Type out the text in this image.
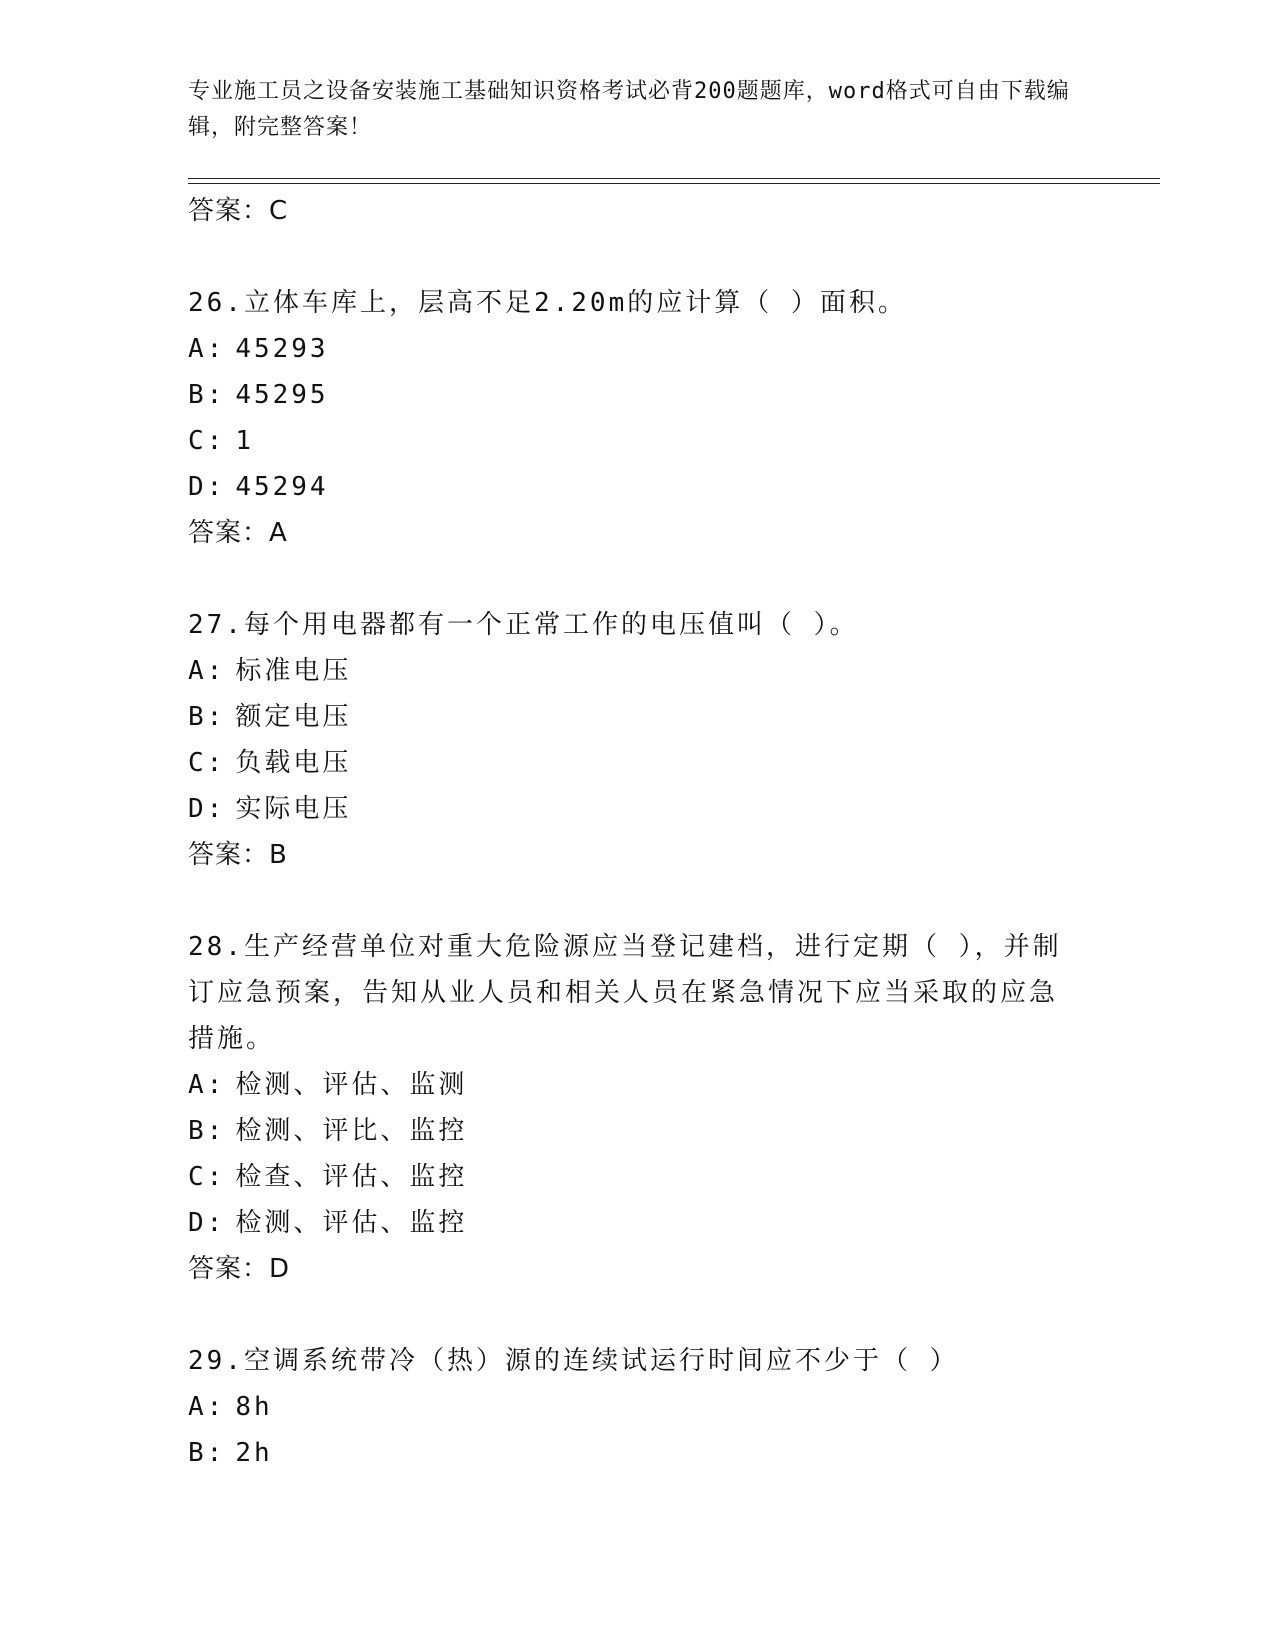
专业施工员之设备安装施工基础知识资格考试必背200题题库，word格式可自由下载编辑，附完整答案！
答案：C
26.立体车库上，层高不足2.20m的应计算（ ）面积。
A: 45293
B: 45295
C: 1
D: 45294
答案：A
27.每个用电器都有一个正常工作的电压值叫（ ）。
A: 标准电压
B: 额定电压
C: 负载电压
D: 实际电压
答案：B
28.生产经营单位对重大危险源应当登记建档，进行定期（ ），并制订应急预案，告知从业人员和相关人员在紧急情况下应当采取的应急措施。
A: 检测、评估、监测
B: 检测、评比、监控
C: 检查、评估、监控
D: 检测、评估、监控
答案：D
29.空调系统带冷（热）源的连续试运行时间应不少于（ ）
A: 8h
B: 2h
